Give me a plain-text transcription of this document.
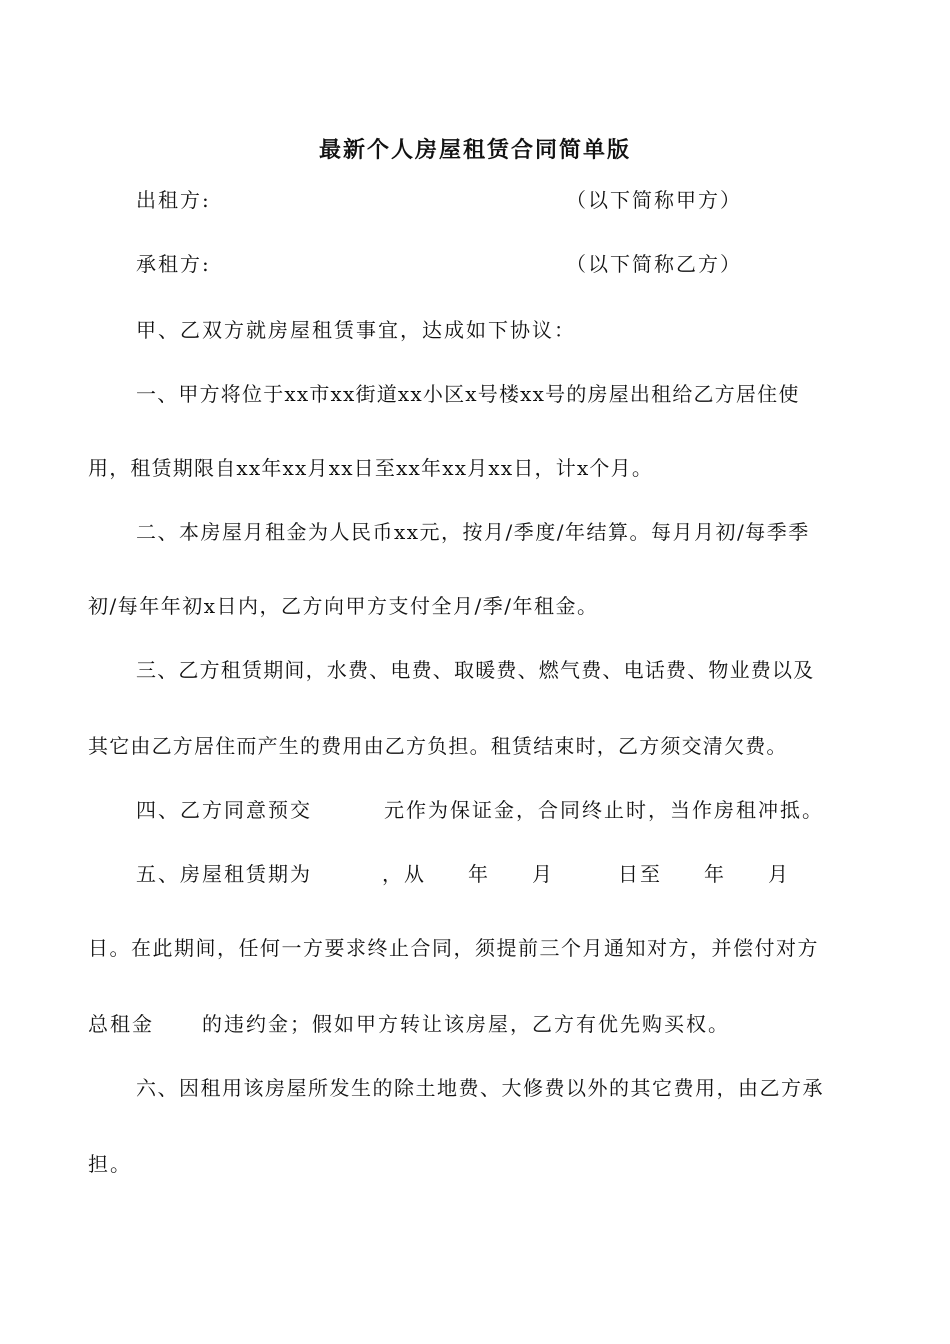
最新个人房屋租赁合同简单版
出租方:	（以下简称甲方）
承租方:	（以下简称乙方）
甲、乙双方就房屋租赁事宜，达成如下协议：
一、甲方将位于xx市xx街道xx小区x号楼xx号的房屋出租给乙方居住使
用，租赁期限自xx年xx月xx日至xx年xx月xx日，计x个月。
二、本房屋月租金为人民币xx元，按月/季度/年结算。每月月初/每季季
初/每年年初x日内，乙方向甲方支付全月/季/年租金。
三、乙方租赁期间，水费、电费、取暖费、燃气费、电话费、物业费以及
其它由乙方居住而产生的费用由乙方负担。租赁结束时，乙方须交清欠费。
四、乙方同意预交	元作为保证金，合同终止时，当作房租冲抵。
五、房屋租赁期为	，从 年 月	日至 年 月
日。在此期间，任何一方要求终止合同，须提前三个月通知对方，并偿付对方
总租金 的违约金；假如甲方转让该房屋，乙方有优先购买权。
六、因租用该房屋所发生的除土地费、大修费以外的其它费用，由乙方承
担。
